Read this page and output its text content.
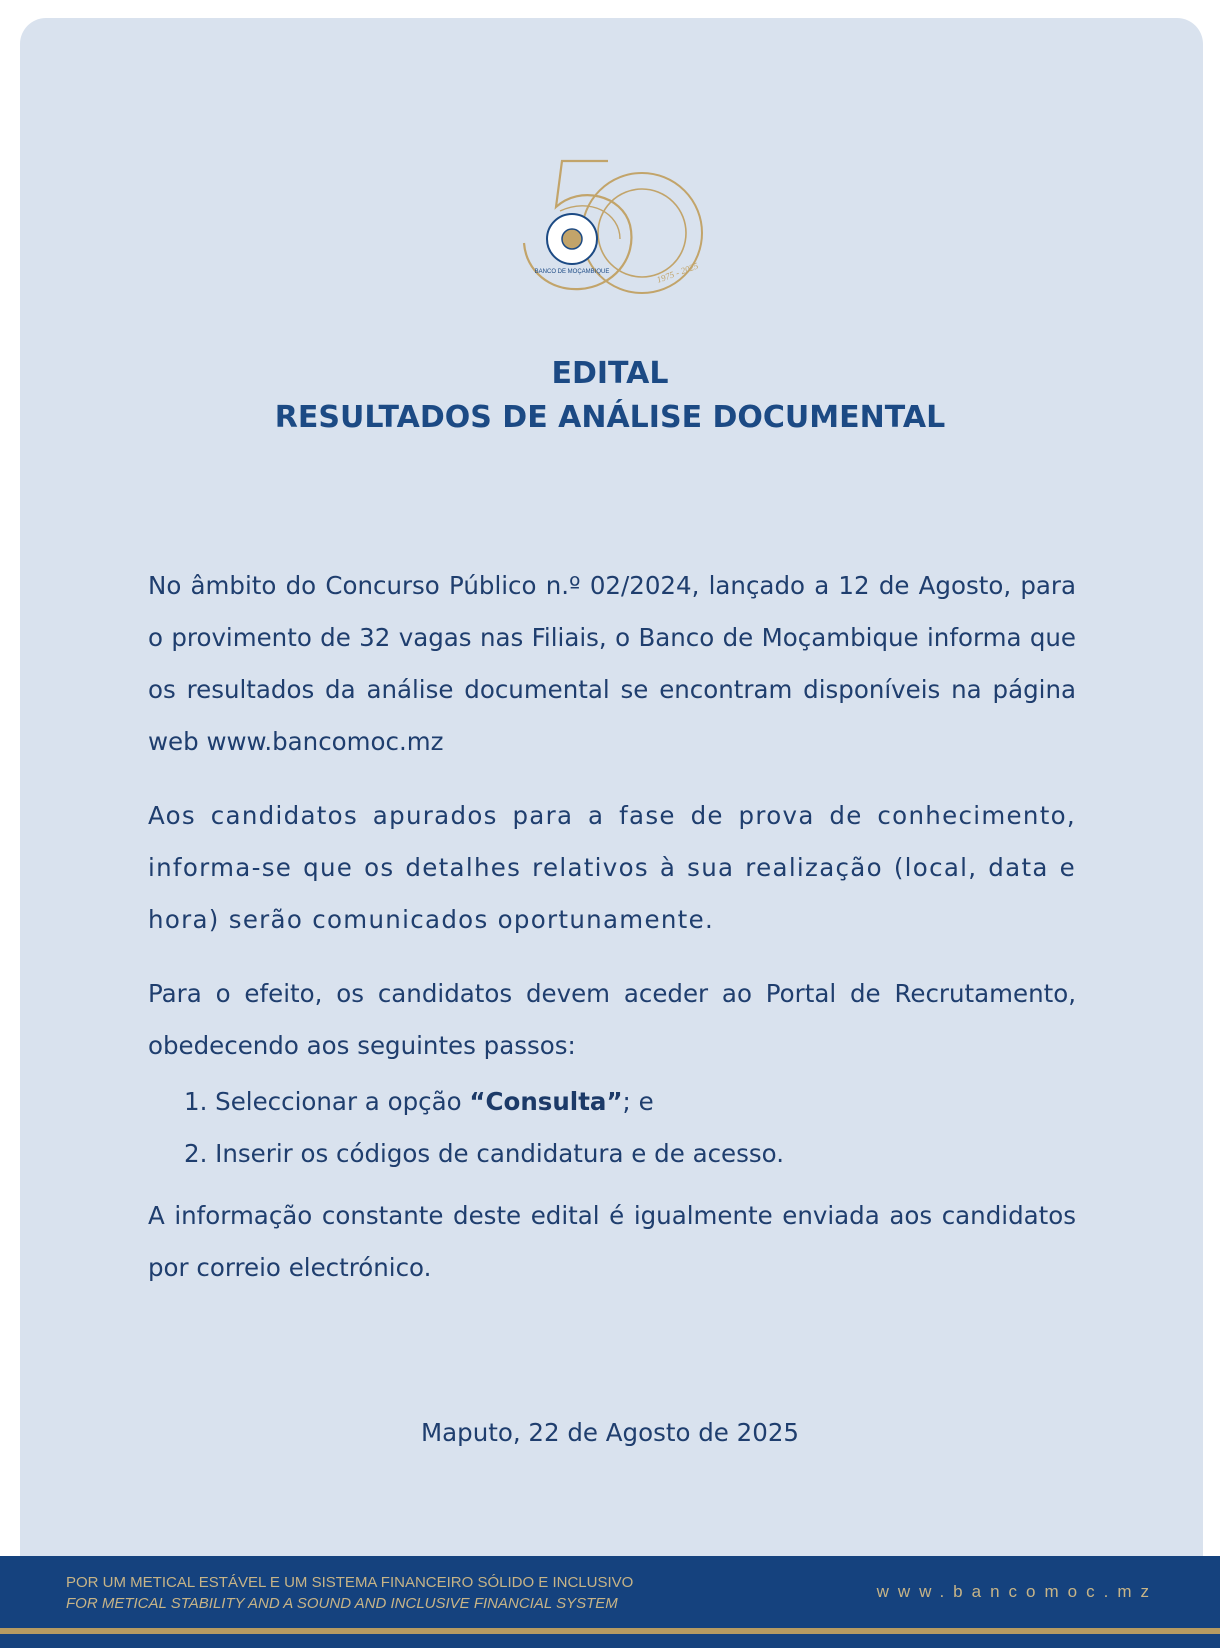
BANCO DE MOÇAMBIQUE	1975 - 2025
EDITAL
RESULTADOS DE ANÁLISE DOCUMENTAL

No âmbito do Concurso Público n.º 02/2024, lançado a 12 de Agosto, para o provimento de 32 vagas nas Filiais, o Banco de Moçambique informa que os resultados da análise documental se encontram disponíveis na página web www.bancomoc.mz

Aos candidatos apurados para a fase de prova de conhecimento, informa-se que os detalhes relativos à sua realização (local, data e hora) serão comunicados oportunamente.

Para o efeito, os candidatos devem aceder ao Portal de Recrutamento, obedecendo aos seguintes passos:

1. Seleccionar a opção “Consulta”; e
2. Inserir os códigos de candidatura e de acesso.

A informação constante deste edital é igualmente enviada aos candidatos por correio electrónico.

Maputo, 22 de Agosto de 2025
POR UM METICAL ESTÁVEL E UM SISTEMA FINANCEIRO SÓLIDO E INCLUSIVO
FOR METICAL STABILITY AND A SOUND AND INCLUSIVE FINANCIAL SYSTEM
www.bancomoc.mz
